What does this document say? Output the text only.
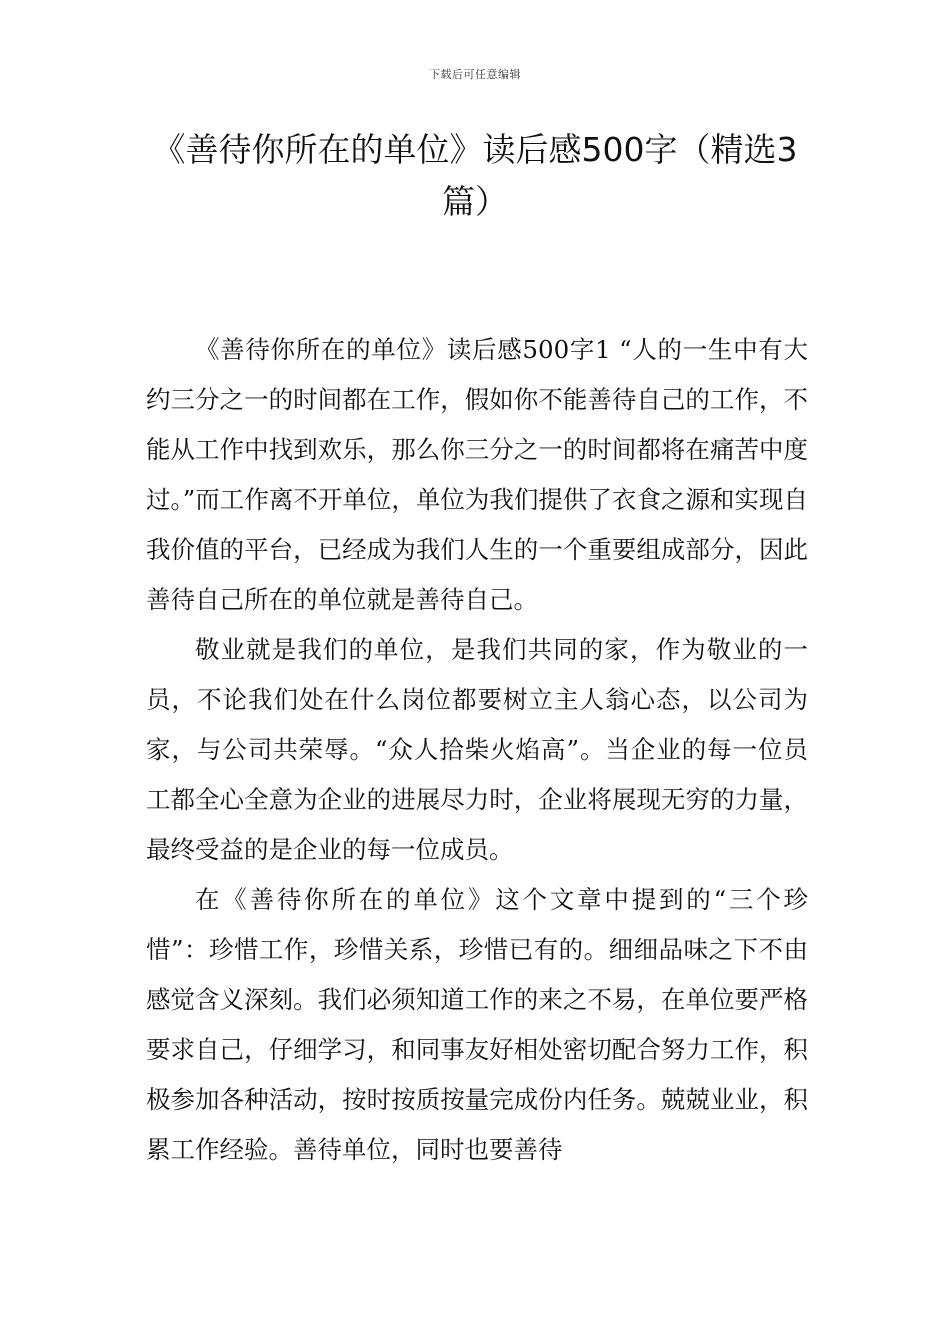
下载后可任意编辑
《善待你所在的单位》读后感500字（精选3篇）

《善待你所在的单位》读后感500字1 “人的一生中有大约三分之一的时间都在工作，假如你不能善待自己的工作，不能从工作中找到欢乐，那么你三分之一的时间都将在痛苦中度过。”而工作离不开单位，单位为我们提供了衣食之源和实现自我价值的平台，已经成为我们人生的一个重要组成部分，因此善待自己所在的单位就是善待自己。

敬业就是我们的单位，是我们共同的家，作为敬业的一员，不论我们处在什么岗位都要树立主人翁心态，以公司为家，与公司共荣辱。“众人拾柴火焰高”。当企业的每一位员工都全心全意为企业的进展尽力时，企业将展现无穷的力量，最终受益的是企业的每一位成员。

在《善待你所在的单位》这个文章中提到的“三个珍惜”：珍惜工作，珍惜关系，珍惜已有的。细细品味之下不由感觉含义深刻。我们必须知道工作的来之不易，在单位要严格要求自己，仔细学习，和同事友好相处密切配合努力工作，积极参加各种活动，按时按质按量完成份内任务。兢兢业业，积累工作经验。善待单位，同时也要善待
